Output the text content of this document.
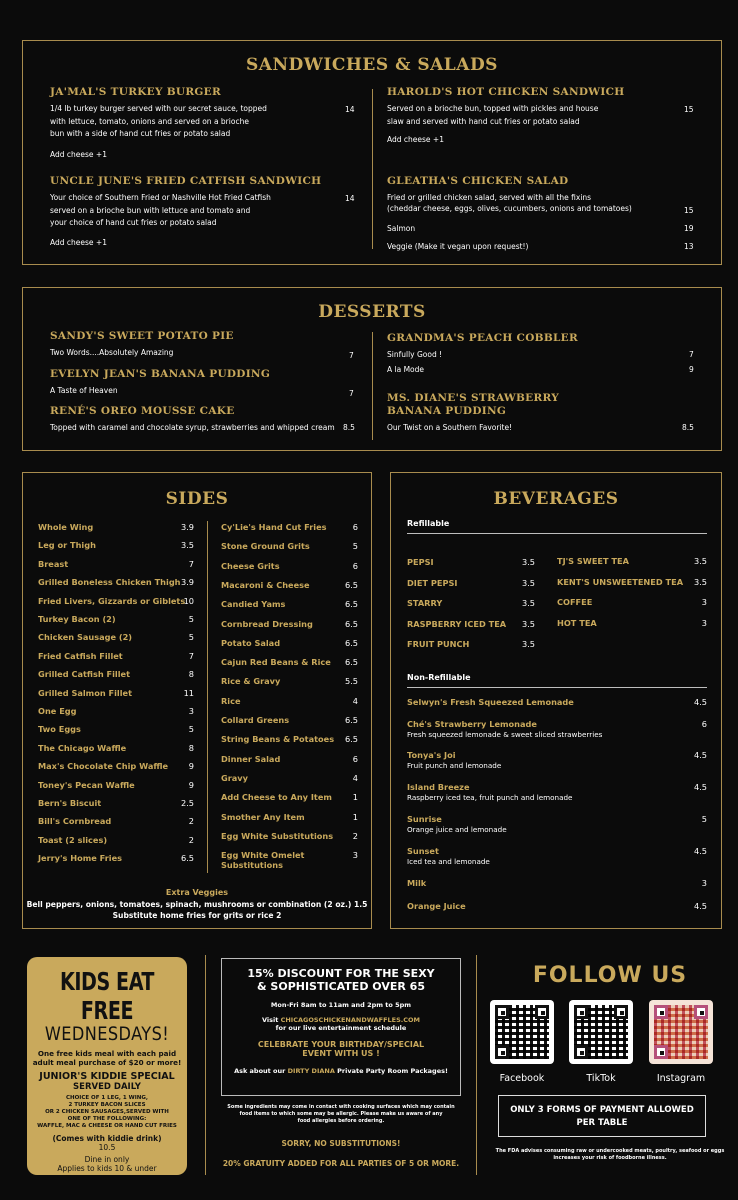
SANDWICHES & SALADS
JA'MAL'S TURKEY BURGER
1/4 lb turkey burger served with our secret sauce, topped
with lettuce, tomato, onions and served on a brioche
bun with a side of hand cut fries or potato salad
14
Add cheese +1
UNCLE JUNE'S FRIED CATFISH SANDWICH
Your choice of Southern Fried or Nashville Hot Fried Catfish
served on a brioche bun with lettuce and tomato and
your choice of hand cut fries or potato salad
14
Add cheese +1
HAROLD'S HOT CHICKEN SANDWICH
Served on a brioche bun, topped with pickles and house
slaw and served with hand cut fries or potato salad
15
Add cheese +1
GLEATHA'S CHICKEN SALAD
Fried or grilled chicken salad, served with all the fixins
(cheddar cheese, eggs, olives, cucumbers, onions and tomatoes)	15
Salmon	19
Veggie (Make it vegan upon request!)	13
DESSERTS
SANDY'S SWEET POTATO PIE
Two Words....Absolutely Amazing	7
EVELYN JEAN'S BANANA PUDDING
A Taste of Heaven	7
RENÉ'S OREO MOUSSE CAKE
Topped with caramel and chocolate syrup, strawberries and whipped cream 8.5
GRANDMA'S PEACH COBBLER
Sinfully Good !	7
A la Mode	9
MS. DIANE'S STRAWBERRY
BANANA PUDDING
Our Twist on a Southern Favorite!	8.5
SIDES
Whole Wing	3.9
Leg or Thigh	3.5
Breast	7
Grilled Boneless Chicken Thigh 3.9
Fried Livers, Gizzards or Giblets
10
Turkey Bacon (2)	5
Chicken Sausage (2)	5
Fried Catfish Fillet	7
Grilled Catfish Fillet	8
Grilled Salmon Fillet	11
One Egg	3
Two Eggs	5
The Chicago Waffle	8
Max's Chocolate Chip Waffle	9
Toney's Pecan Waffle	9
Bern's Biscuit	2.5
Bill's Cornbread	2
Toast (2 slices)	2
Jerry's Home Fries	6.5
Cy'Lie's Hand Cut Fries	6
Stone Ground Grits	5
Cheese Grits	6
Macaroni & Cheese	6.5
Candied Yams	6.5
Cornbread Dressing	6.5
Potato Salad	6.5
Cajun Red Beans & Rice 6.5
Rice & Gravy	5.5
Rice	4
Collard Greens	6.5
String Beans & Potatoes 6.5
Dinner Salad	6
Gravy	4
Add Cheese to Any Item	1
Smother Any Item	1
Egg White Substitutions 2
Egg White Omelet
Substitutions
3
Extra Veggies
Bell peppers, onions, tomatoes, spinach, mushrooms or combination (2 oz.) 1.5
Substitute home fries for grits or rice 2
BEVERAGES
Refillable
PEPSI	3.5
DIET PEPSI	3.5
STARRY	3.5
RASPBERRY ICED TEA 3.5
FRUIT PUNCH	3.5
TJ'S SWEET TEA	3.5
KENT'S UNSWEETENED TEA 3.5
COFFEE	3
HOT TEA	3
Non-Refillable
Selwyn's Fresh Squeezed Lemonade	4.5
Ché's Strawberry Lemonade	6
Fresh squeezed lemonade & sweet sliced strawberries
Tonya's Joi	4.5
Fruit punch and lemonade
Island Breeze	4.5
Raspberry iced tea, fruit punch and lemonade
Sunrise	5
Orange juice and lemonade
Sunset	4.5
Iced tea and lemonade
Milk	3
Orange Juice	4.5
KIDS EAT FREE
WEDNESDAYS!
One free kids meal with each paid
adult meal purchase of $20 or more!
JUNIOR'S KIDDIE SPECIAL
SERVED DAILY
CHOICE OF 1 LEG, 1 WING,
2 TURKEY BACON SLICES
OR 2 CHICKEN SAUSAGES,SERVED WITH
ONE OF THE FOLLOWING:
WAFFLE, MAC & CHEESE OR HAND CUT FRIES
(Comes with kiddie drink)
10.5
Dine in only
Applies to kids 10 & under
15% DISCOUNT FOR THE SEXY
& SOPHISTICATED OVER 65
Mon-Fri 8am to 11am and 2pm to 5pm
Visit CHICAGOSCHICKENANDWAFFLES.COM
for our live entertainment schedule
CELEBRATE YOUR BIRTHDAY/SPECIAL
EVENT WITH US !
Ask about our DIRTY DIANA Private Party Room Packages!
Some ingredients may come in contact with cooking surfaces which may contain
food items to which some may be allergic. Please make us aware of any
food allergies before ordering.
SORRY, NO SUBSTITUTIONS!
20% GRATUITY ADDED FOR ALL PARTIES OF 5 OR MORE.
FOLLOW US
Facebook	TikTok	Instagram
ONLY 3 FORMS OF PAYMENT ALLOWED
PER TABLE
The FDA advises consuming raw or undercooked meats, poultry, seafood or eggs
increases your risk of foodborne illness.
